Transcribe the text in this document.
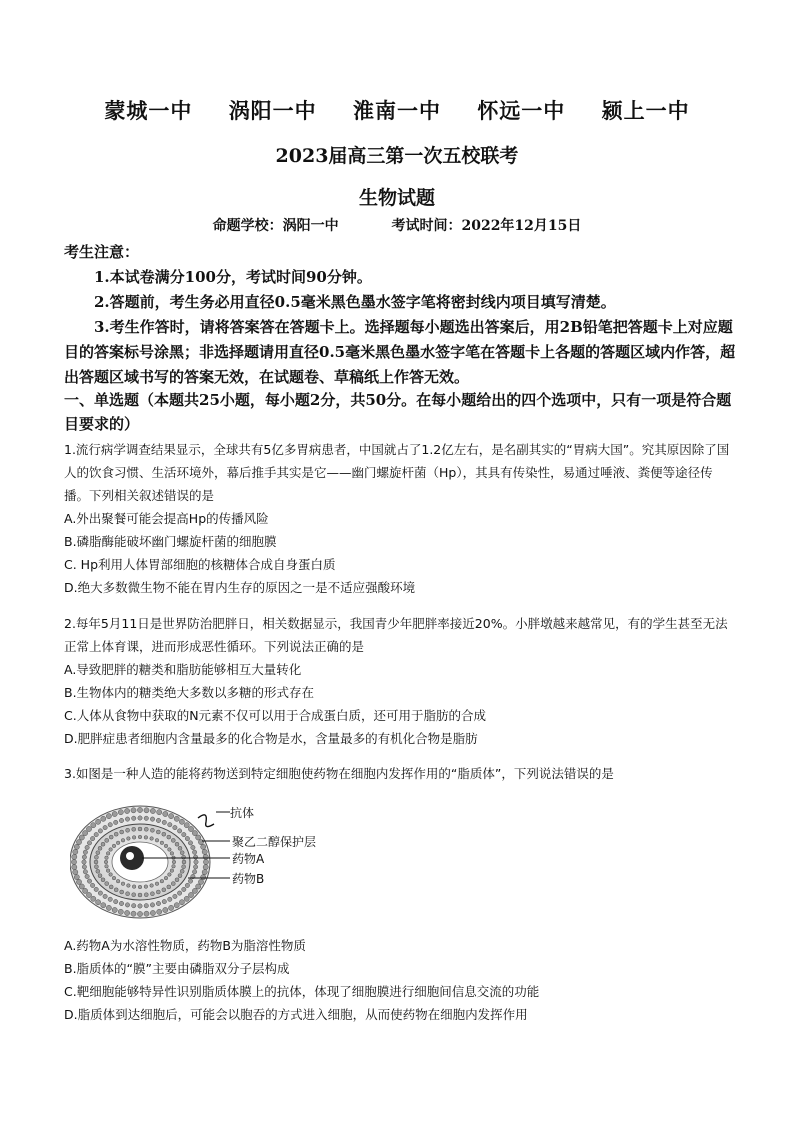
蒙城一中 涡阳一中 淮南一中 怀远一中 颍上一中
2023届高三第一次五校联考
生物试题
命题学校：涡阳一中	考试时间：2022年12月15日

考生注意：

1.本试卷满分100分，考试时间90分钟。

2.答题前，考生务必用直径0.5毫米黑色墨水签字笔将密封线内项目填写清楚。

3.考生作答时，请将答案答在答题卡上。选择题每小题选出答案后，用2B铅笔把答题卡上对应题目的答案标号涂黑；非选择题请用直径0.5毫米黑色墨水签字笔在答题卡上各题的答题区域内作答，超出答题区域书写的答案无效，在试题卷、草稿纸上作答无效。

一、单选题（本题共25小题，每小题2分，共50分。在每小题给出的四个选项中，只有一项是符合题目要求的）

1.流行病学调查结果显示，全球共有5亿多胃病患者，中国就占了1.2亿左右，是名副其实的“胃病大国”。究其原因除了国人的饮食习惯、生活环境外，幕后推手其实是它——幽门螺旋杆菌（Hp），其具有传染性，易通过唾液、粪便等途径传播。下列相关叙述错误的是

A.外出聚餐可能会提高Hp的传播风险

B.磷脂酶能破坏幽门螺旋杆菌的细胞膜

C. Hp利用人体胃部细胞的核糖体合成自身蛋白质

D.绝大多数微生物不能在胃内生存的原因之一是不适应强酸环境

2.每年5月11日是世界防治肥胖日，相关数据显示，我国青少年肥胖率接近20%。小胖墩越来越常见，有的学生甚至无法正常上体育课，进而形成恶性循环。下列说法正确的是

A.导致肥胖的糖类和脂肪能够相互大量转化

B.生物体内的糖类绝大多数以多糖的形式存在

C.人体从食物中获取的N元素不仅可以用于合成蛋白质，还可用于脂肪的合成

D.肥胖症患者细胞内含量最多的化合物是水，含量最多的有机化合物是脂肪

3.如图是一种人造的能将药物送到特定细胞使药物在细胞内发挥作用的“脂质体”，下列说法错误的是

抗体
聚乙二醇保护层
药物A
药物B

A.药物A为水溶性物质，药物B为脂溶性物质

B.脂质体的“膜”主要由磷脂双分子层构成

C.靶细胞能够特异性识别脂质体膜上的抗体，体现了细胞膜进行细胞间信息交流的功能

D.脂质体到达细胞后，可能会以胞吞的方式进入细胞，从而使药物在细胞内发挥作用
